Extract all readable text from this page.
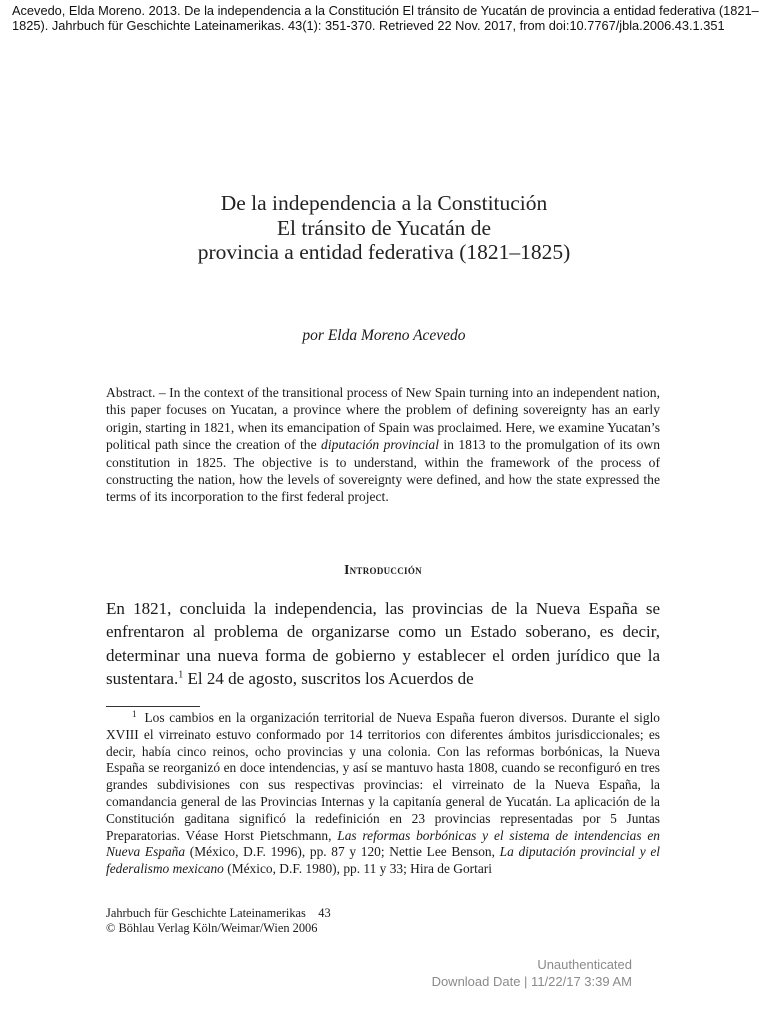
Acevedo, Elda Moreno. 2013. De la independencia a la Constitución El tránsito de Yucatán de provincia a entidad federativa (1821–1825). Jahrbuch für Geschichte Lateinamerikas. 43(1): 351-370. Retrieved 22 Nov. 2017, from doi:10.7767/jbla.2006.43.1.351

De la independencia a la Constitución
El tránsito de Yucatán de
provincia a entidad federativa (1821–1825)

por Elda Moreno Acevedo

Abstract. – In the context of the transitional process of New Spain turning into an independent nation, this paper focuses on Yucatan, a province where the problem of defining sovereignty has an early origin, starting in 1821, when its emancipation of Spain was proclaimed. Here, we examine Yucatan’s political path since the creation of the diputación provincial in 1813 to the promulgation of its own constitution in 1825. The objective is to understand, within the framework of the process of constructing the nation, how the levels of sovereignty were defined, and how the state expressed the terms of its incorporation to the first federal project.

Introducción

En 1821, concluida la independencia, las provincias de la Nueva España se enfrentaron al problema de organizarse como un Estado soberano, es decir, determinar una nueva forma de gobierno y establecer el orden jurídico que la sustentara.$^1$ El 24 de agosto, suscritos los Acuerdos de

$^1$ Los cambios en la organización territorial de Nueva España fueron diversos. Durante el siglo XVIII el virreinato estuvo conformado por 14 territorios con diferentes ámbitos jurisdiccionales; es decir, había cinco reinos, ocho provincias y una colonia. Con las reformas borbónicas, la Nueva España se reorganizó en doce intendencias, y así se mantuvo hasta 1808, cuando se reconfiguró en tres grandes subdivisiones con sus respectivas provincias: el virreinato de la Nueva España, la comandancia general de las Provincias Internas y la capitanía general de Yucatán. La aplicación de la Constitución gaditana significó la redefinición en 23 provincias representadas por 5 Juntas Preparatorias. Véase Horst Pietschmann, Las reformas borbónicas y el sistema de intendencias en Nueva España (México, D.F. 1996), pp. 87 y 120; Nettie Lee Benson, La diputación provincial y el federalismo mexicano (México, D.F. 1980), pp. 11 y 33; Hira de Gortari

Jahrbuch für Geschichte Lateinamerikas    43
© Böhlau Verlag Köln/Weimar/Wien 2006
Unauthenticated
Download Date | 11/22/17 3:39 AM
